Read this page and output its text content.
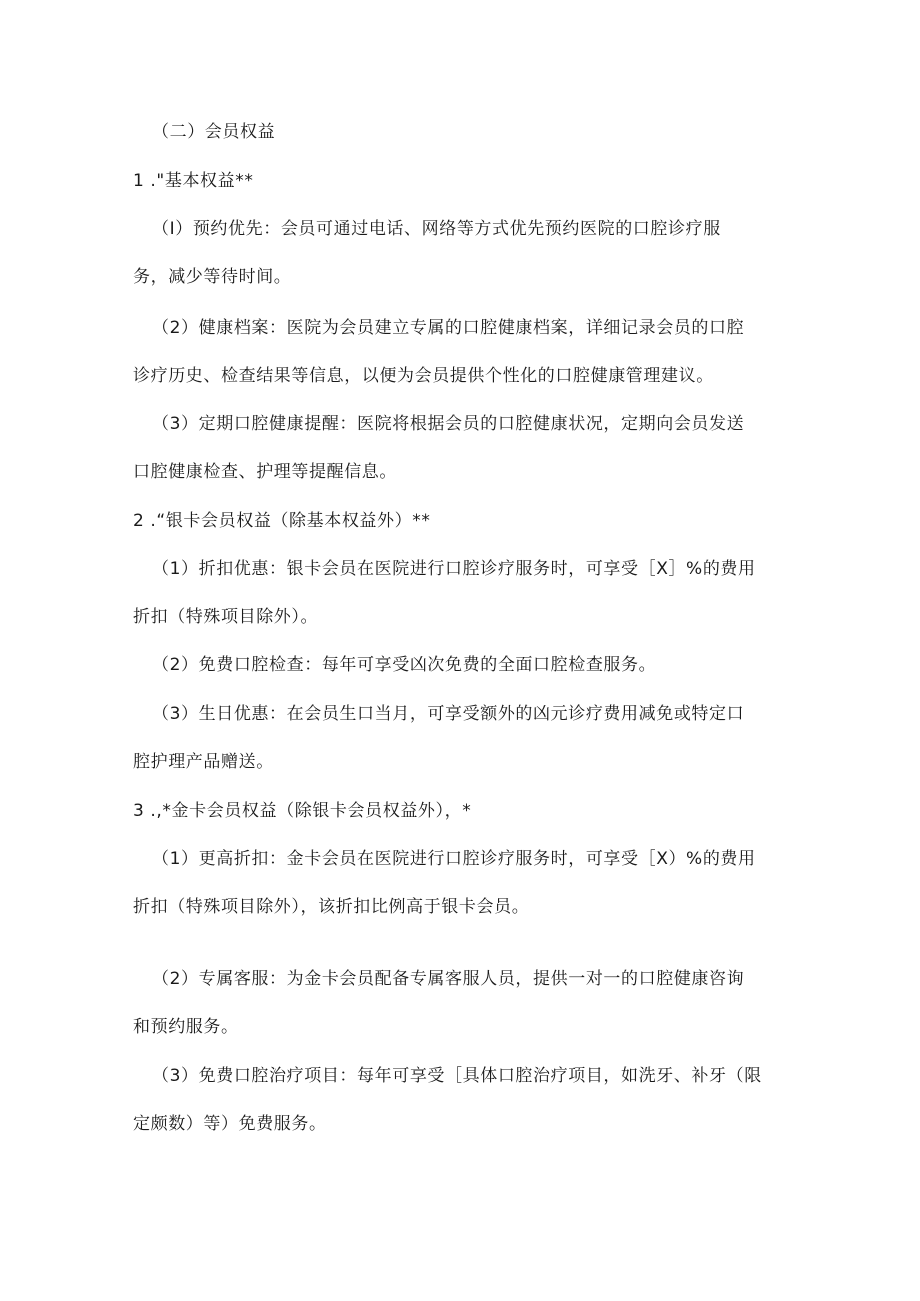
（二）会员权益
1 ."基本权益**
（I）预约优先：会员可通过电话、网络等方式优先预约医院的口腔诊疗服
务，减少等待时间。
（2）健康档案：医院为会员建立专属的口腔健康档案，详细记录会员的口腔
诊疗历史、检查结果等信息，以便为会员提供个性化的口腔健康管理建议。
（3）定期口腔健康提醒：医院将根据会员的口腔健康状况，定期向会员发送
口腔健康检查、护理等提醒信息。
2 .“银卡会员权益（除基本权益外）**
（1）折扣优惠：银卡会员在医院进行口腔诊疗服务时，可享受［X］%的费用
折扣（特殊项目除外）。
（2）免费口腔检查：每年可享受凶次免费的全面口腔检查服务。
（3）生日优惠：在会员生口当月，可享受额外的凶元诊疗费用减免或特定口
腔护理产品赠送。
3 .,*金卡会员权益（除银卡会员权益外），*
（1）更高折扣：金卡会员在医院进行口腔诊疗服务时，可享受［X）%的费用
折扣（特殊项目除外），该折扣比例高于银卡会员。
（2）专属客服：为金卡会员配备专属客服人员，提供一对一的口腔健康咨询
和预约服务。
（3）免费口腔治疗项目：每年可享受［具体口腔治疗项目，如洗牙、补牙（限
定颇数）等）免费服务。
